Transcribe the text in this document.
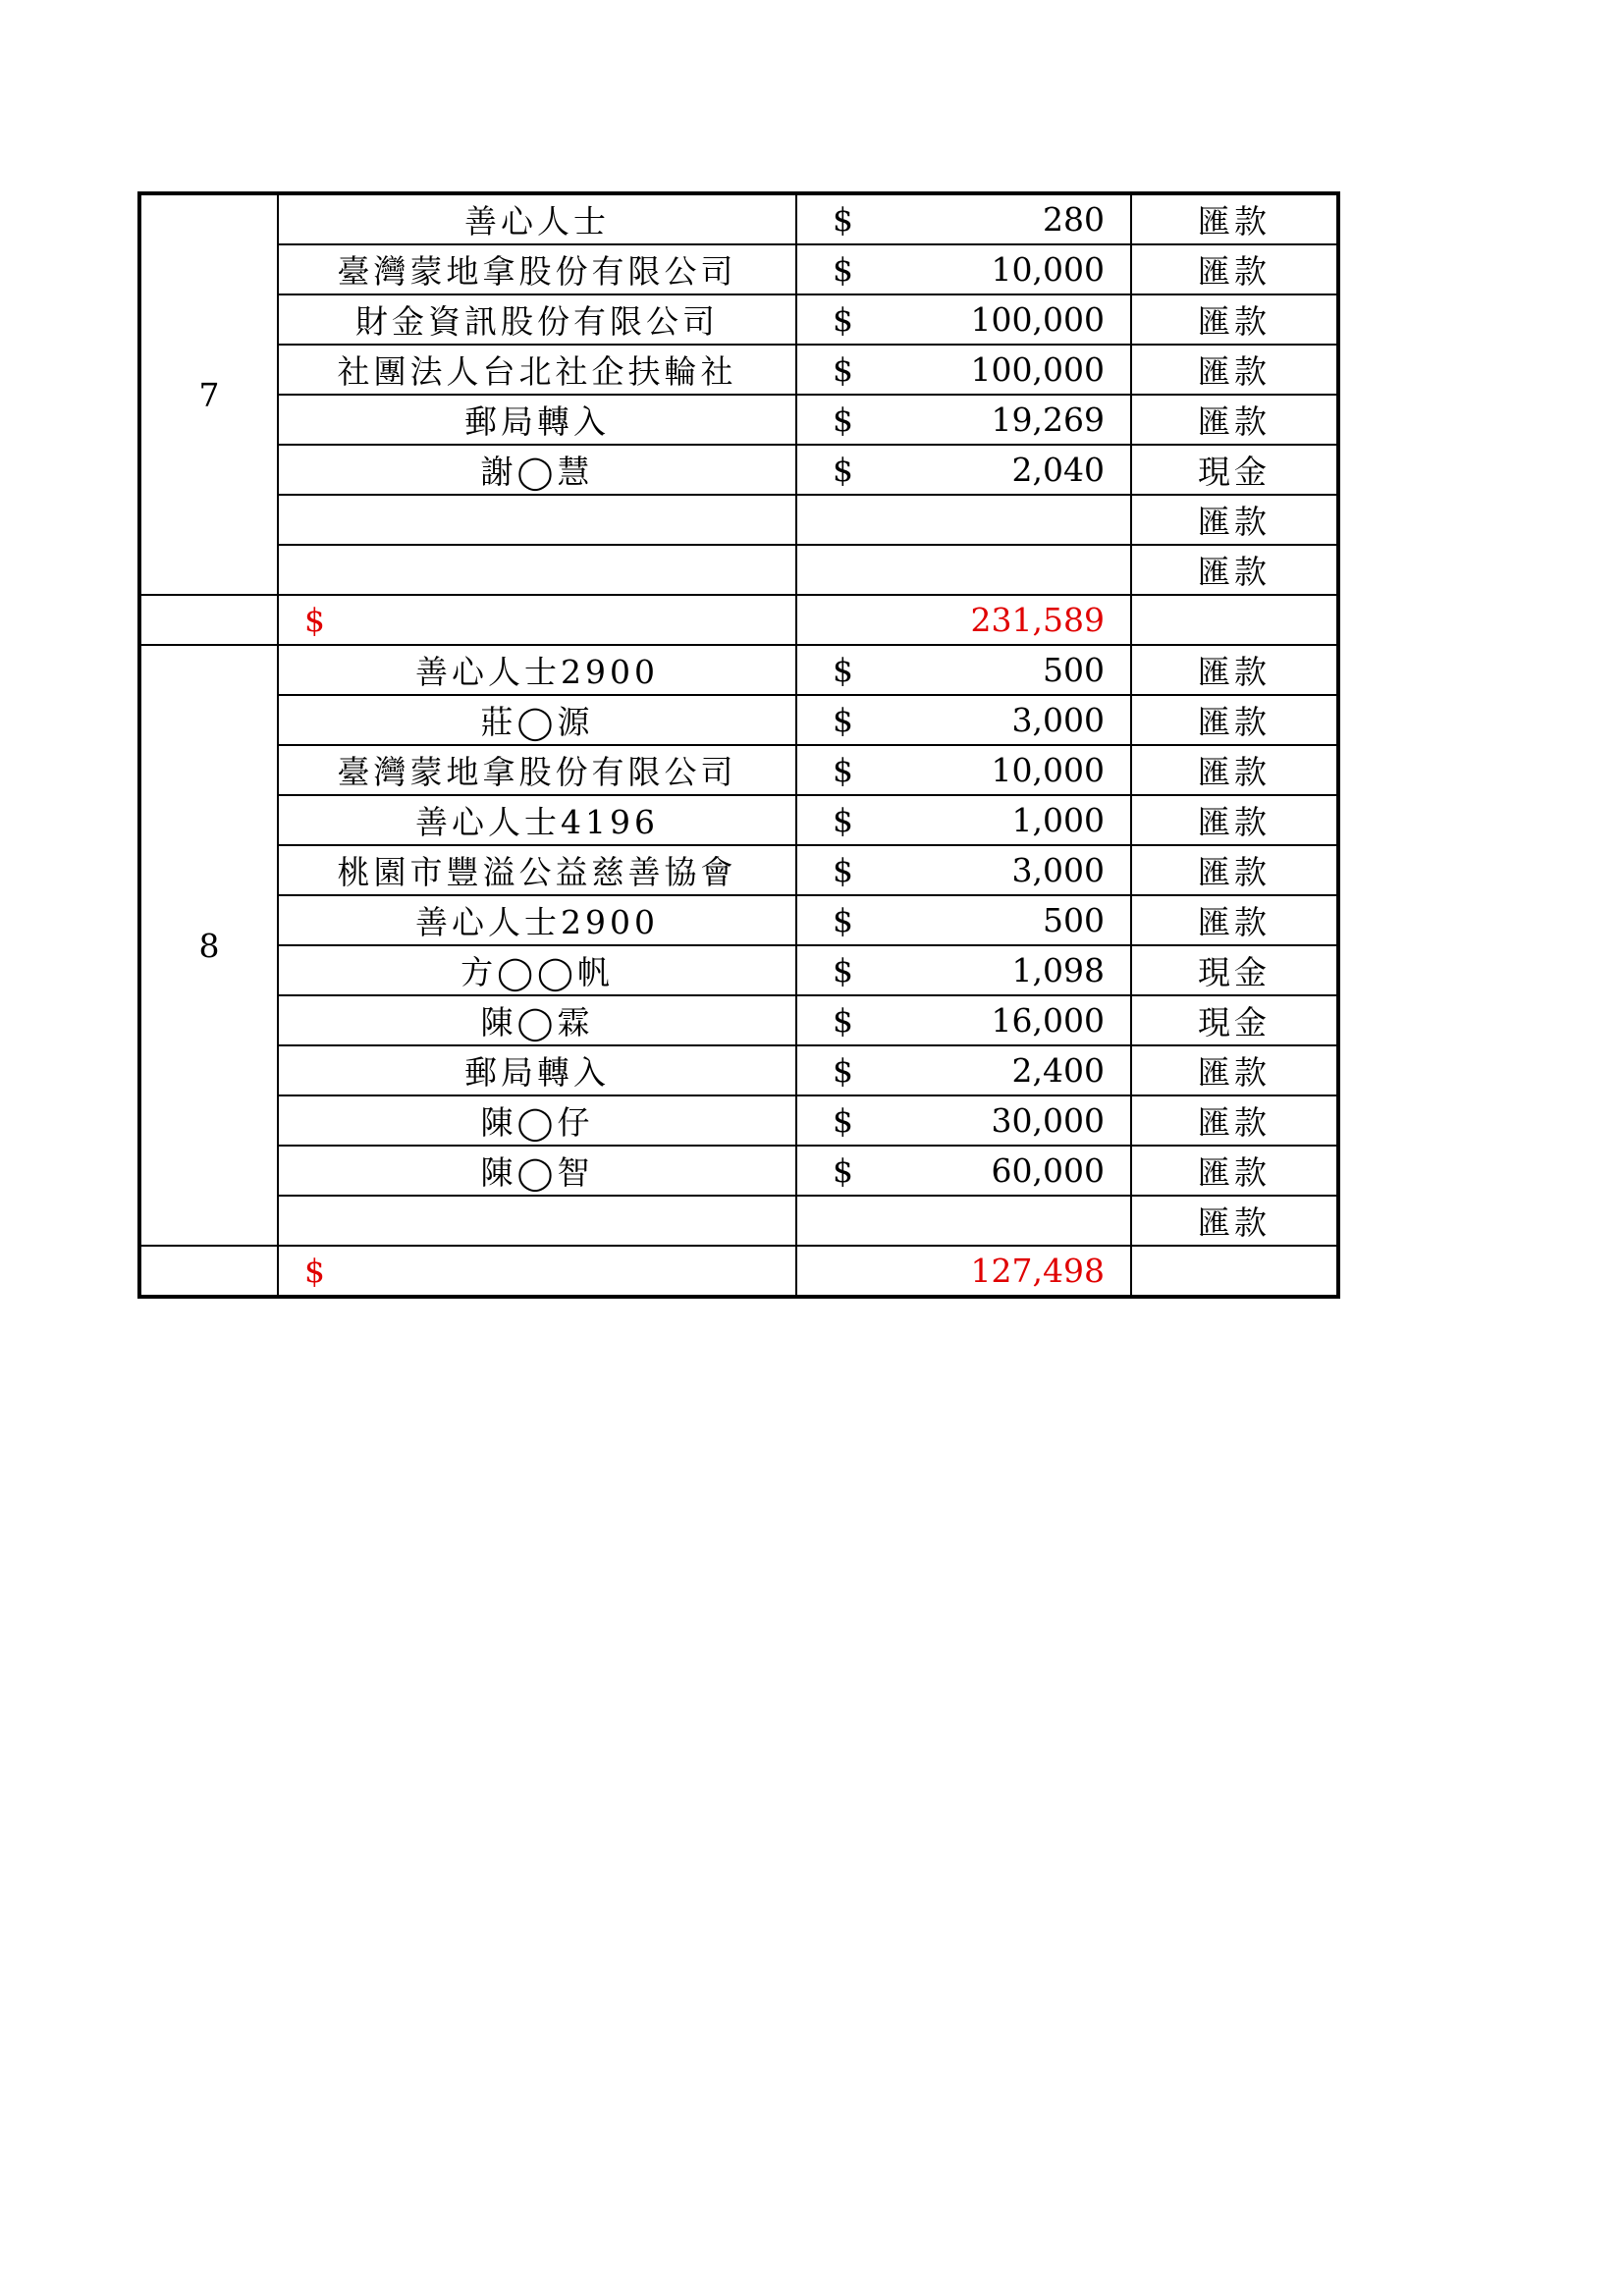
7	善心人士	$	280	匯款
	臺灣蒙地拿股份有限公司	$	10,000	匯款
	財金資訊股份有限公司	$	100,000	匯款
	社團法人台北社企扶輪社	$	100,000	匯款
	郵局轉入	$	19,269	匯款
	謝◯慧	$	2,040	現金
				匯款
				匯款
	$	231,589		
8	善心人士2900	$	500	匯款
	莊◯源	$	3,000	匯款
	臺灣蒙地拿股份有限公司	$	10,000	匯款
	善心人士4196	$	1,000	匯款
	桃園市豐溢公益慈善協會	$	3,000	匯款
	善心人士2900	$	500	匯款
	方◯◯帆	$	1,098	現金
	陳◯霖	$	16,000	現金
	郵局轉入	$	2,400	匯款
	陳◯仔	$	30,000	匯款
	陳◯智	$	60,000	匯款
				匯款
	$	127,498		
